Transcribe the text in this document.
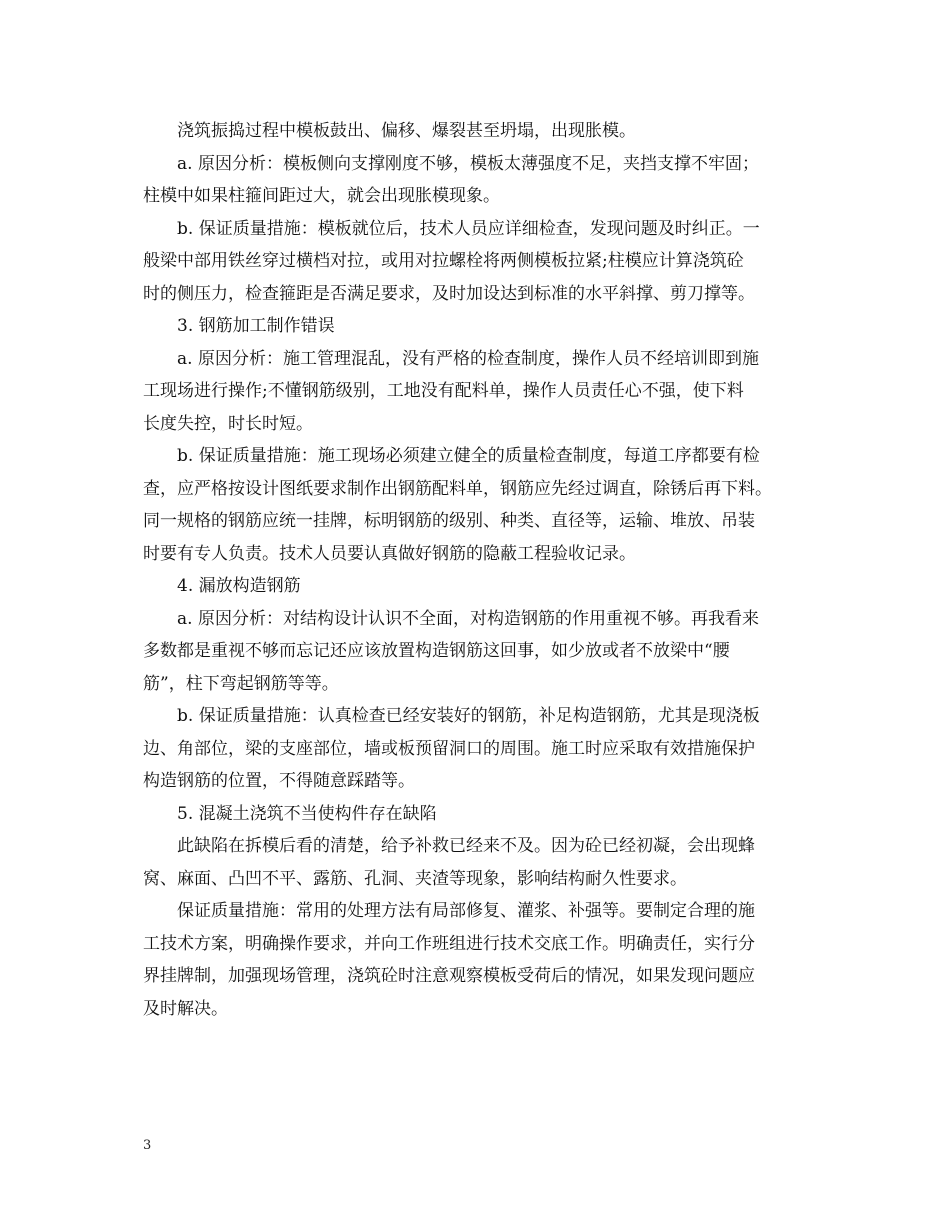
浇筑振捣过程中模板鼓出、偏移、爆裂甚至坍塌，出现胀模。

a. 原因分析：模板侧向支撑刚度不够，模板太薄强度不足，夹挡支撑不牢固；
柱模中如果柱箍间距过大，就会出现胀模现象。

b. 保证质量措施：模板就位后，技术人员应详细检查，发现问题及时纠正。一
般梁中部用铁丝穿过横档对拉，或用对拉螺栓将两侧模板拉紧;柱模应计算浇筑砼
时的侧压力，检查箍距是否满足要求，及时加设达到标准的水平斜撑、剪刀撑等。

3. 钢筋加工制作错误

a. 原因分析：施工管理混乱，没有严格的检查制度，操作人员不经培训即到施
工现场进行操作;不懂钢筋级别，工地没有配料单，操作人员责任心不强，使下料
长度失控，时长时短。

b. 保证质量措施：施工现场必须建立健全的质量检查制度，每道工序都要有检
查，应严格按设计图纸要求制作出钢筋配料单，钢筋应先经过调直，除锈后再下料。
同一规格的钢筋应统一挂牌，标明钢筋的级别、种类、直径等，运输、堆放、吊装
时要有专人负责。技术人员要认真做好钢筋的隐蔽工程验收记录。

4. 漏放构造钢筋

a. 原因分析：对结构设计认识不全面，对构造钢筋的作用重视不够。再我看来
多数都是重视不够而忘记还应该放置构造钢筋这回事，如少放或者不放梁中“腰
筋”，柱下弯起钢筋等等。

b. 保证质量措施：认真检查已经安装好的钢筋，补足构造钢筋，尤其是现浇板
边、角部位，梁的支座部位，墙或板预留洞口的周围。施工时应采取有效措施保护
构造钢筋的位置，不得随意踩踏等。

5. 混凝土浇筑不当使构件存在缺陷

此缺陷在拆模后看的清楚，给予补救已经来不及。因为砼已经初凝，会出现蜂
窝、麻面、凸凹不平、露筋、孔洞、夹渣等现象，影响结构耐久性要求。

保证质量措施：常用的处理方法有局部修复、灌浆、补强等。要制定合理的施
工技术方案，明确操作要求，并向工作班组进行技术交底工作。明确责任，实行分
界挂牌制，加强现场管理，浇筑砼时注意观察模板受荷后的情况，如果发现问题应
及时解决。

3
